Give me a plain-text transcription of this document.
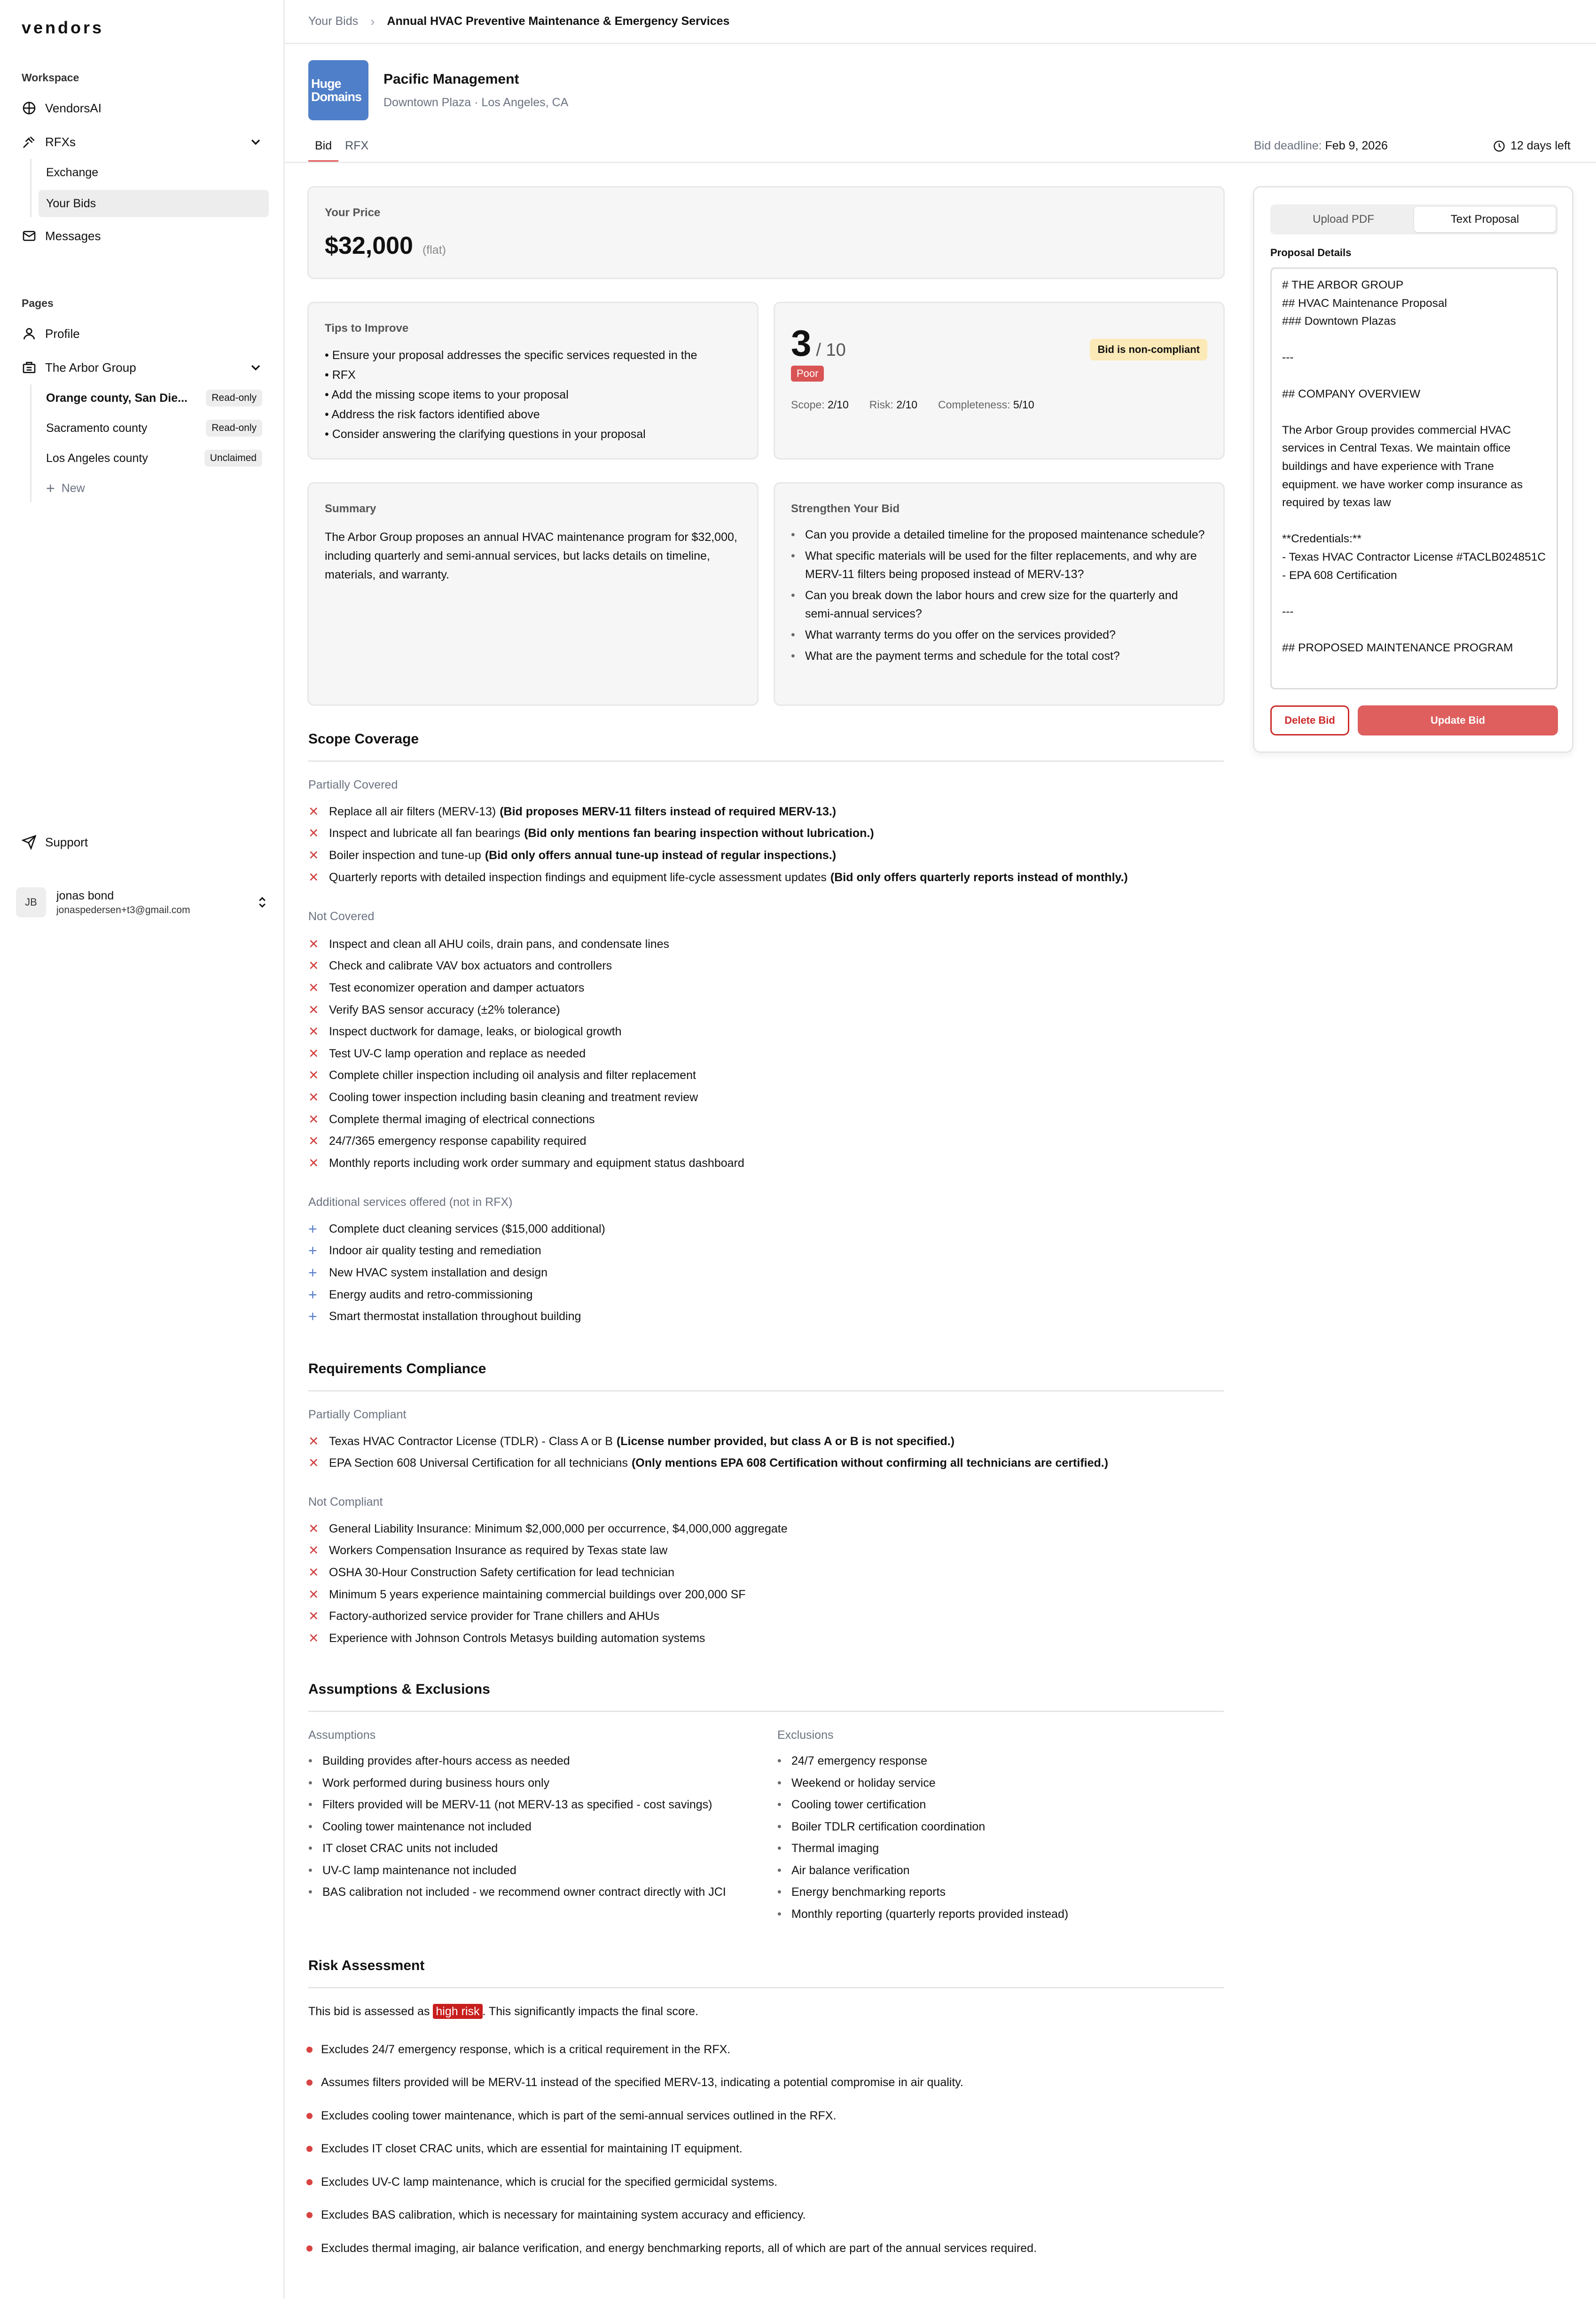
vendors
Workspace
VendorsAI
RFXs
Exchange
Your Bids
Messages
Pages
Profile
The Arbor Group
Orange county, San Die...	Read-only
Sacramento county	Read-only
Los Angeles county	Unclaimed
+ New
Support
JB	jonas bond
jonaspedersen+t3@gmail.com
Your Bids › Annual HVAC Preventive Maintenance & Emergency Services
Huge
Domains
Pacific Management
Downtown Plaza · Los Angeles, CA
Bid	RFX	Bid deadline: Feb 9, 2026	12 days left
Your Price
$32,000 (flat)
Tips to Improve
• Ensure your proposal addresses the specific services requested in the
• RFX
• Add the missing scope items to your proposal
• Address the risk factors identified above
• Consider answering the clarifying questions in your proposal
3 / 10
Poor
Bid is non-compliant
Scope: 2/10 Risk: 2/10 Completeness: 5/10
Summary
The Arbor Group proposes an annual HVAC maintenance program for $32,000, including quarterly and semi-annual services, but lacks details on timeline, materials, and warranty.
Strengthen Your Bid
• Can you provide a detailed timeline for the proposed maintenance schedule?
• What specific materials will be used for the filter replacements, and why are MERV-11 filters being proposed instead of MERV-13?
• Can you break down the labor hours and crew size for the quarterly and semi-annual services?
• What warranty terms do you offer on the services provided?
• What are the payment terms and schedule for the total cost?
Scope Coverage
Partially Covered
✕ Replace all air filters (MERV-13) (Bid proposes MERV-11 filters instead of required MERV-13.)
✕ Inspect and lubricate all fan bearings (Bid only mentions fan bearing inspection without lubrication.)
✕ Boiler inspection and tune-up (Bid only offers annual tune-up instead of regular inspections.)
✕ Quarterly reports with detailed inspection findings and equipment life-cycle assessment updates (Bid only offers quarterly reports instead of monthly.)
Not Covered
✕ Inspect and clean all AHU coils, drain pans, and condensate lines
✕ Check and calibrate VAV box actuators and controllers
✕ Test economizer operation and damper actuators
✕ Verify BAS sensor accuracy (±2% tolerance)
✕ Inspect ductwork for damage, leaks, or biological growth
✕ Test UV-C lamp operation and replace as needed
✕ Complete chiller inspection including oil analysis and filter replacement
✕ Cooling tower inspection including basin cleaning and treatment review
✕ Complete thermal imaging of electrical connections
✕ 24/7/365 emergency response capability required
✕ Monthly reports including work order summary and equipment status dashboard
Additional services offered (not in RFX)
+	Complete duct cleaning services ($15,000 additional)
+	Indoor air quality testing and remediation
+	New HVAC system installation and design
+	Energy audits and retro-commissioning
+	Smart thermostat installation throughout building
Requirements Compliance
Partially Compliant
✕ Texas HVAC Contractor License (TDLR) - Class A or B (License number provided, but class A or B is not specified.)
✕ EPA Section 608 Universal Certification for all technicians (Only mentions EPA 608 Certification without confirming all technicians are certified.)
Not Compliant
✕ General Liability Insurance: Minimum $2,000,000 per occurrence, $4,000,000 aggregate
✕ Workers Compensation Insurance as required by Texas state law
✕ OSHA 30-Hour Construction Safety certification for lead technician
✕ Minimum 5 years experience maintaining commercial buildings over 200,000 SF
✕ Factory-authorized service provider for Trane chillers and AHUs
✕ Experience with Johnson Controls Metasys building automation systems
Assumptions & Exclusions
Assumptions
• Building provides after-hours access as needed
• Work performed during business hours only
• Filters provided will be MERV-11 (not MERV-13 as specified - cost savings)
• Cooling tower maintenance not included
• IT closet CRAC units not included
• UV-C lamp maintenance not included
• BAS calibration not included - we recommend owner contract directly with JCI
Exclusions
• 24/7 emergency response
• Weekend or holiday service
• Cooling tower certification
• Boiler TDLR certification coordination
• Thermal imaging
• Air balance verification
• Energy benchmarking reports
• Monthly reporting (quarterly reports provided instead)
Risk Assessment
This bid is assessed as high risk . This significantly impacts the final score.
Excludes 24/7 emergency response, which is a critical requirement in the RFX.
Assumes filters provided will be MERV-11 instead of the specified MERV-13, indicating a potential compromise in air quality.
Excludes cooling tower maintenance, which is part of the semi-annual services outlined in the RFX.
Excludes IT closet CRAC units, which are essential for maintaining IT equipment.
Excludes UV-C lamp maintenance, which is crucial for the specified germicidal systems.
Excludes BAS calibration, which is necessary for maintaining system accuracy and efficiency.
Excludes thermal imaging, air balance verification, and energy benchmarking reports, all of which are part of the annual services required.
Upload PDF	Text Proposal
Proposal Details
# THE ARBOR GROUP
## HVAC Maintenance Proposal
### Downtown Plazas

---

## COMPANY OVERVIEW

The Arbor Group provides commercial HVAC services in Central Texas. We maintain office buildings and have experience with Trane equipment. we have worker comp insurance as required by texas law

**Credentials:**
- Texas HVAC Contractor License #TACLB024851C
- EPA 608 Certification

---

## PROPOSED MAINTENANCE PROGRAM
Delete Bid	Update Bid
